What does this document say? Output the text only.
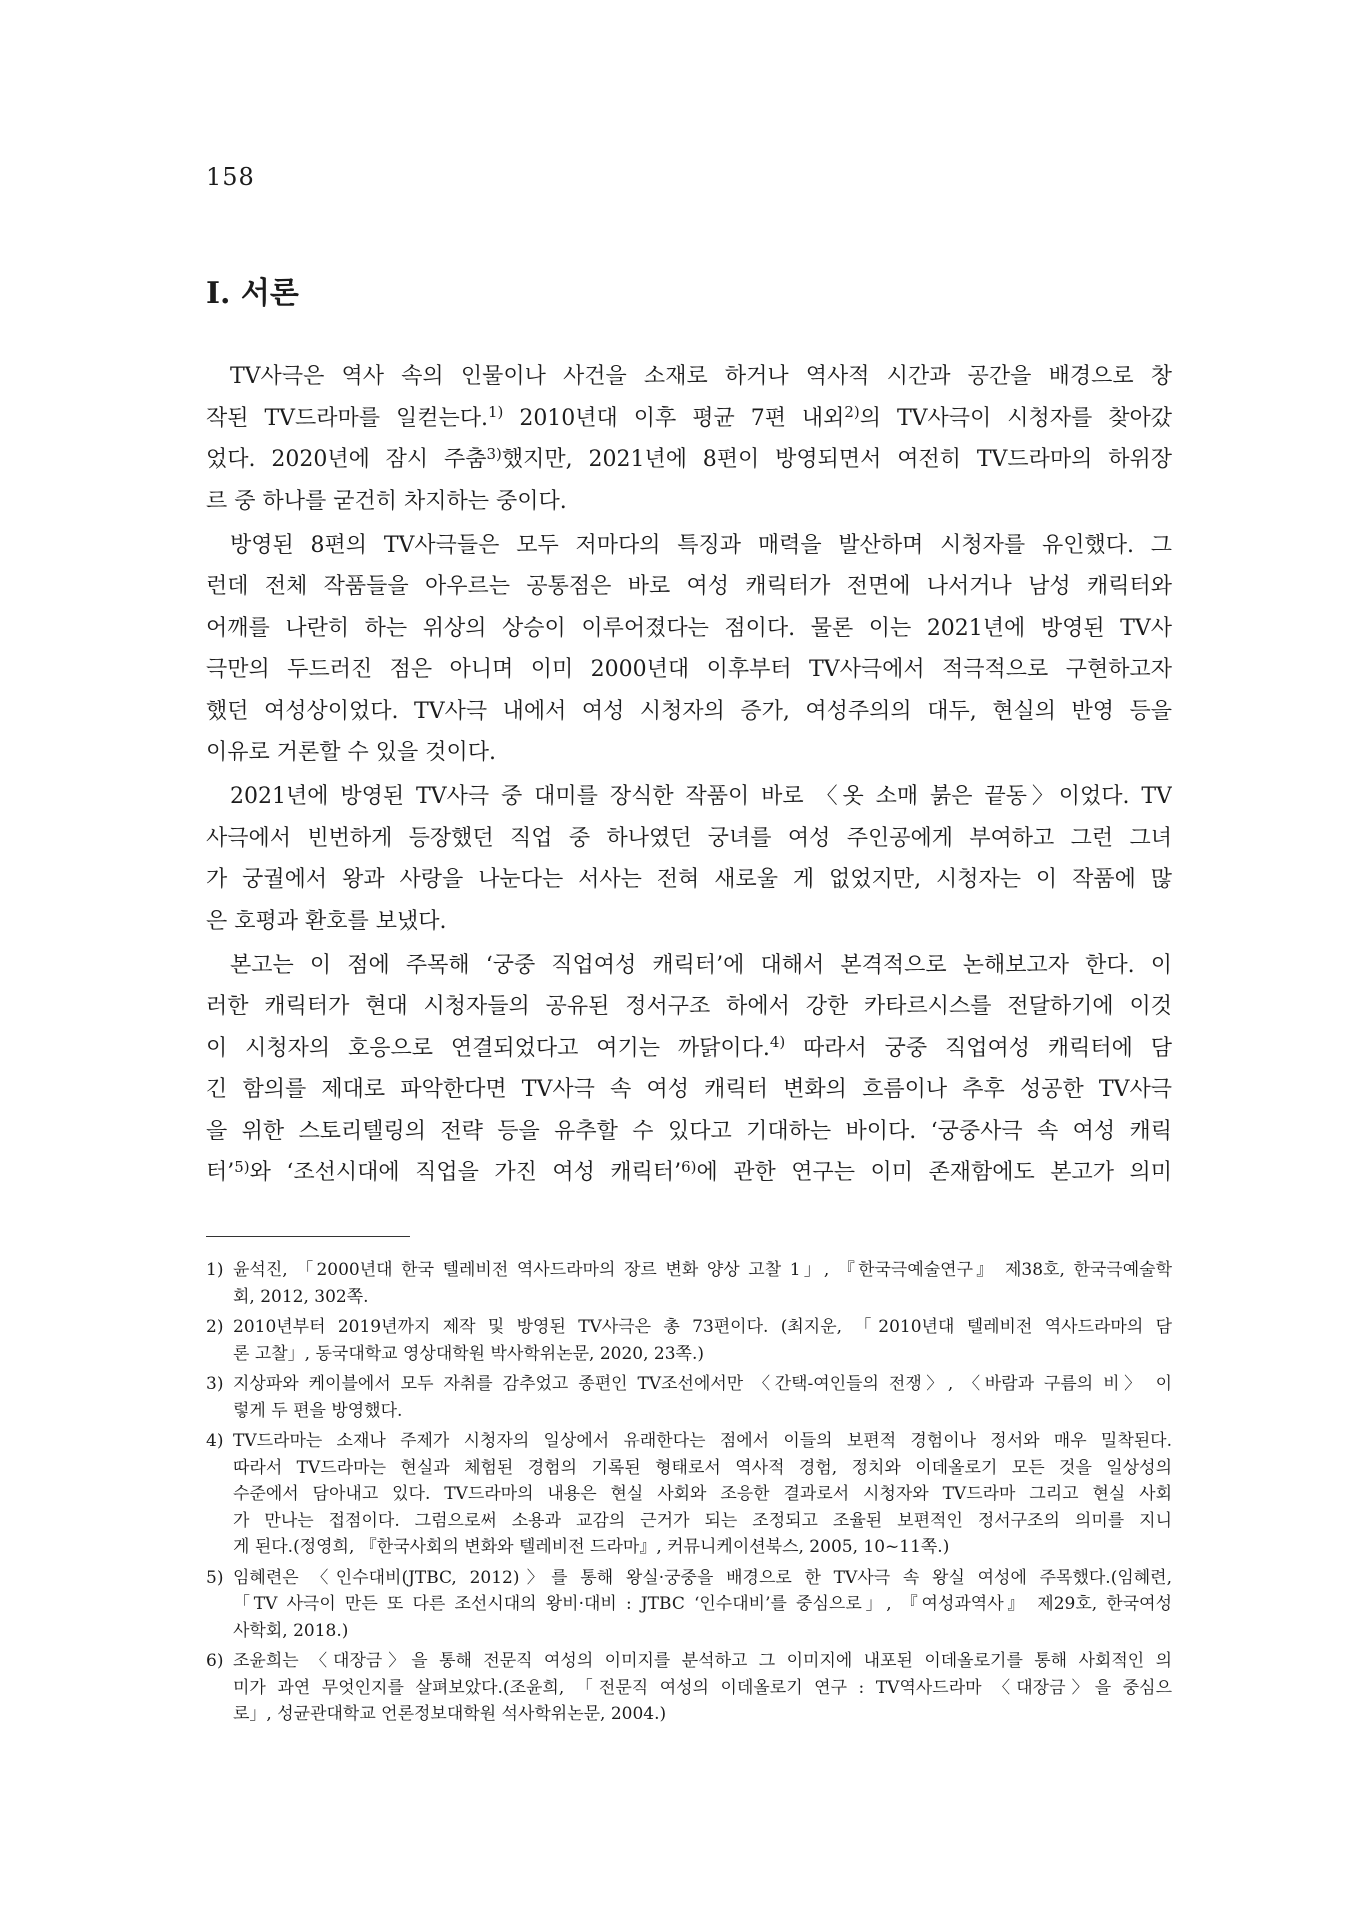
158
Ⅰ. 서론
TV사극은 역사 속의 인물이나 사건을 소재로 하거나 역사적 시간과 공간을 배경으로 창
작된 TV드라마를 일컫는다.$^{1)}$ 2010년대 이후 평균 7편 내외$^{2)}$의 TV사극이 시청자를 찾아갔
었다. 2020년에 잠시 주춤$^{3)}$했지만, 2021년에 8편이 방영되면서 여전히 TV드라마의 하위장
르 중 하나를 굳건히 차지하는 중이다.
방영된 8편의 TV사극들은 모두 저마다의 특징과 매력을 발산하며 시청자를 유인했다. 그
런데 전체 작품들을 아우르는 공통점은 바로 여성 캐릭터가 전면에 나서거나 남성 캐릭터와
어깨를 나란히 하는 위상의 상승이 이루어졌다는 점이다. 물론 이는 2021년에 방영된 TV사
극만의 두드러진 점은 아니며 이미 2000년대 이후부터 TV사극에서 적극적으로 구현하고자
했던 여성상이었다. TV사극 내에서 여성 시청자의 증가, 여성주의의 대두, 현실의 반영 등을
이유로 거론할 수 있을 것이다.
2021년에 방영된 TV사극 중 대미를 장식한 작품이 바로 〈옷 소매 붉은 끝동〉이었다. TV
사극에서 빈번하게 등장했던 직업 중 하나였던 궁녀를 여성 주인공에게 부여하고 그런 그녀
가 궁궐에서 왕과 사랑을 나눈다는 서사는 전혀 새로울 게 없었지만, 시청자는 이 작품에 많
은 호평과 환호를 보냈다.
본고는 이 점에 주목해 ‘궁중 직업여성 캐릭터’에 대해서 본격적으로 논해보고자 한다. 이
러한 캐릭터가 현대 시청자들의 공유된 정서구조 하에서 강한 카타르시스를 전달하기에 이것
이 시청자의 호응으로 연결되었다고 여기는 까닭이다.$^{4)}$ 따라서 궁중 직업여성 캐릭터에 담
긴 함의를 제대로 파악한다면 TV사극 속 여성 캐릭터 변화의 흐름이나 추후 성공한 TV사극
을 위한 스토리텔링의 전략 등을 유추할 수 있다고 기대하는 바이다. ‘궁중사극 속 여성 캐릭
터’$^{5)}$와 ‘조선시대에 직업을 가진 여성 캐릭터’$^{6)}$에 관한 연구는 이미 존재함에도 본고가 의미
1) 윤석진, 「2000년대 한국 텔레비전 역사드라마의 장르 변화 양상 고찰 1」, 『한국극예술연구』 제38호, 한국극예술학
회, 2012, 302쪽.
2) 2010년부터 2019년까지 제작 및 방영된 TV사극은 총 73편이다. (최지운, 「2010년대 텔레비전 역사드라마의 담
론 고찰」, 동국대학교 영상대학원 박사학위논문, 2020, 23쪽.)
3) 지상파와 케이블에서 모두 자취를 감추었고 종편인 TV조선에서만 〈간택-여인들의 전쟁〉, 〈바람과 구름의 비〉 이
렇게 두 편을 방영했다.
4) TV드라마는 소재나 주제가 시청자의 일상에서 유래한다는 점에서 이들의 보편적 경험이나 정서와 매우 밀착된다.
따라서 TV드라마는 현실과 체험된 경험의 기록된 형태로서 역사적 경험, 정치와 이데올로기 모든 것을 일상성의
수준에서 담아내고 있다. TV드라마의 내용은 현실 사회와 조응한 결과로서 시청자와 TV드라마 그리고 현실 사회
가 만나는 접점이다. 그럼으로써 소용과 교감의 근거가 되는 조정되고 조율된 보편적인 정서구조의 의미를 지니
게 된다.(정영희, 『한국사회의 변화와 텔레비전 드라마』, 커뮤니케이션북스, 2005, 10~11쪽.)
5) 임혜련은 〈인수대비(JTBC, 2012)〉를 통해 왕실·궁중을 배경으로 한 TV사극 속 왕실 여성에 주목했다.(임혜련,
「TV 사극이 만든 또 다른 조선시대의 왕비·대비 : JTBC ‘인수대비’를 중심으로」, 『여성과역사』 제29호, 한국여성
사학회, 2018.)
6) 조윤희는 〈대장금〉을 통해 전문직 여성의 이미지를 분석하고 그 이미지에 내포된 이데올로기를 통해 사회적인 의
미가 과연 무엇인지를 살펴보았다.(조윤희, 「전문직 여성의 이데올로기 연구 : TV역사드라마 〈대장금〉을 중심으
로」, 성균관대학교 언론정보대학원 석사학위논문, 2004.)
